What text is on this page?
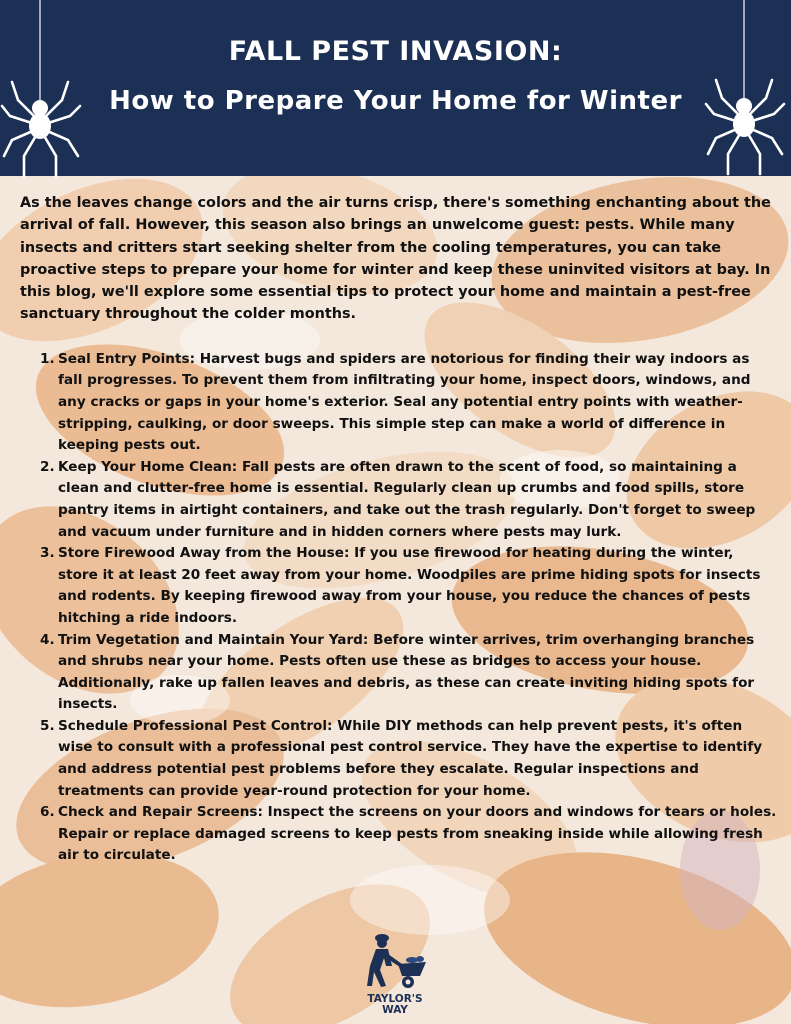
FALL PEST INVASION:
How to Prepare Your Home for Winter

As the leaves change colors and the air turns crisp, there's something enchanting about the arrival of fall. However, this season also brings an unwelcome guest: pests. While many insects and critters start seeking shelter from the cooling temperatures, you can take proactive steps to prepare your home for winter and keep these uninvited visitors at bay. In this blog, we'll explore some essential tips to protect your home and maintain a pest-free sanctuary throughout the colder months.

1. Seal Entry Points: Harvest bugs and spiders are notorious for finding their way indoors as fall progresses. To prevent them from infiltrating your home, inspect doors, windows, and any cracks or gaps in your home's exterior. Seal any potential entry points with weather-stripping, caulking, or door sweeps. This simple step can make a world of difference in keeping pests out.
2. Keep Your Home Clean: Fall pests are often drawn to the scent of food, so maintaining a clean and clutter-free home is essential. Regularly clean up crumbs and food spills, store pantry items in airtight containers, and take out the trash regularly. Don't forget to sweep and vacuum under furniture and in hidden corners where pests may lurk.
3. Store Firewood Away from the House: If you use firewood for heating during the winter, store it at least 20 feet away from your home. Woodpiles are prime hiding spots for insects and rodents. By keeping firewood away from your house, you reduce the chances of pests hitching a ride indoors.
4. Trim Vegetation and Maintain Your Yard: Before winter arrives, trim overhanging branches and shrubs near your home. Pests often use these as bridges to access your house. Additionally, rake up fallen leaves and debris, as these can create inviting hiding spots for insects.
5. Schedule Professional Pest Control: While DIY methods can help prevent pests, it's often wise to consult with a professional pest control service. They have the expertise to identify and address potential pest problems before they escalate. Regular inspections and treatments can provide year-round protection for your home.
6. Check and Repair Screens: Inspect the screens on your doors and windows for tears or holes. Repair or replace damaged screens to keep pests from sneaking inside while allowing fresh air to circulate.
TAYLOR'S
WAY
